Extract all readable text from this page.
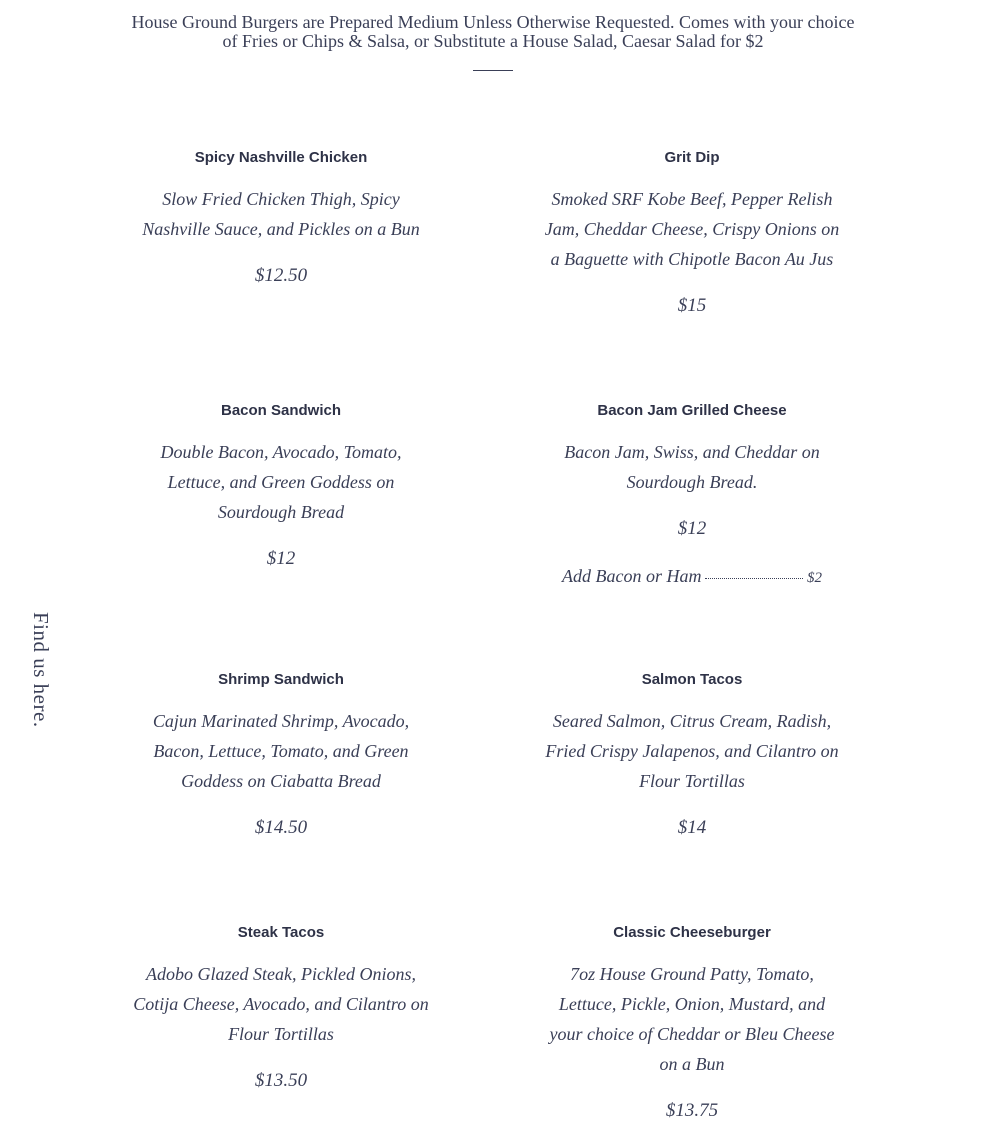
House Ground Burgers are Prepared Medium Unless Otherwise Requested. Comes with your choice of Fries or Chips & Salsa, or Substitute a House Salad, Caesar Salad for $2
Find us here.
Spicy Nashville Chicken

Slow Fried Chicken Thigh, Spicy Nashville Sauce, and Pickles on a Bun

$12.50

Grit Dip

Smoked SRF Kobe Beef, Pepper Relish Jam, Cheddar Cheese, Crispy Onions on a Baguette with Chipotle Bacon Au Jus

$15

Bacon Sandwich

Double Bacon, Avocado, Tomato, Lettuce, and Green Goddess on Sourdough Bread

$12

Bacon Jam Grilled Cheese

Bacon Jam, Swiss, and Cheddar on Sourdough Bread.

$12

Add Bacon or Ham	$2
Shrimp Sandwich

Cajun Marinated Shrimp, Avocado, Bacon, Lettuce, Tomato, and Green Goddess on Ciabatta Bread

$14.50

Salmon Tacos

Seared Salmon, Citrus Cream, Radish, Fried Crispy Jalapenos, and Cilantro on Flour Tortillas

$14

Steak Tacos

Adobo Glazed Steak, Pickled Onions, Cotija Cheese, Avocado, and Cilantro on Flour Tortillas

$13.50

Classic Cheeseburger

7oz House Ground Patty, Tomato, Lettuce, Pickle, Onion, Mustard, and your choice of Cheddar or Bleu Cheese on a Bun

$13.75
